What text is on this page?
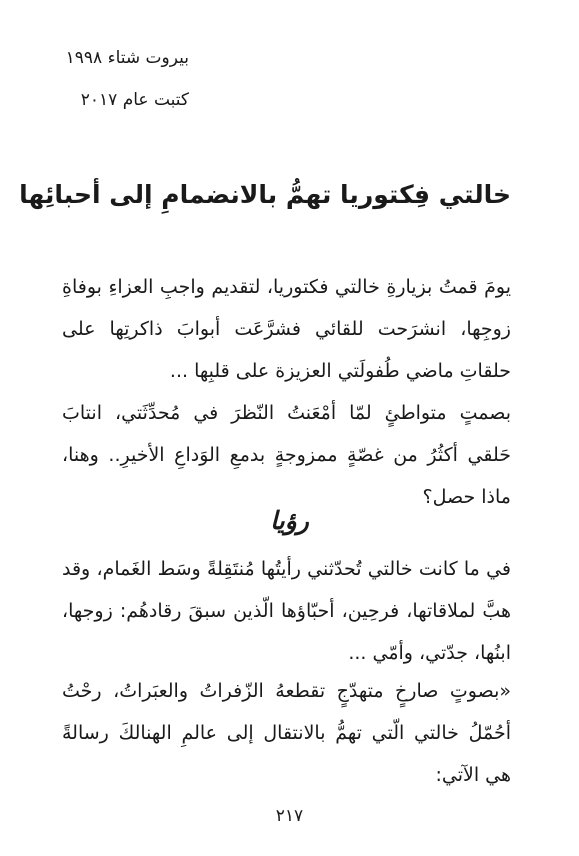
بيروت شتاء ١٩٩٨
كتبت عام ٢٠١٧
خالتي فِكتوريا تهمُّ بالانضمامِ إلى أحبائِها
يومَ قمتُ بزيارةِ خالتي فكتوريا، لتقديم واجبِ العزاءِ بوفاةِ زوجِها، انشرَحت للقائي فشرَّعَت أبوابَ ذاكرتِها على حلقاتِ ماضي طُفولَتي العزيزة على قلبِها ...
بصمتٍ متواطئٍ لمّا أمْعَنتُ النّظرَ في مُحدِّثَتي، انتابَ حَلقي أكثُرُ من غصّةٍ ممزوجةٍ بدمعِ الوَداعِ الأخيرِ.. وهنا، ماذا حصل؟
رؤيا
في ما كانت خالتي تُحدّثني رأيتُها مُنتَقِلةً وسَط الغَمام، وقد هبَّ لملاقاتها، فرحِين، أحبّاؤها الّذين سبقَ رقادهُم: زوجها، ابنُها، جدّتي، وأمّي ...
«بصوتٍ صارخٍ متهدّجٍ تقطعهُ الزّفراتُ والعبَراتُ، رحْتُ أحُمّلُ خالتي الّتي تهمُّ بالانتقال إلى عالمِ الهنالكَ رسالةً هي الآتي:
٢١٧
